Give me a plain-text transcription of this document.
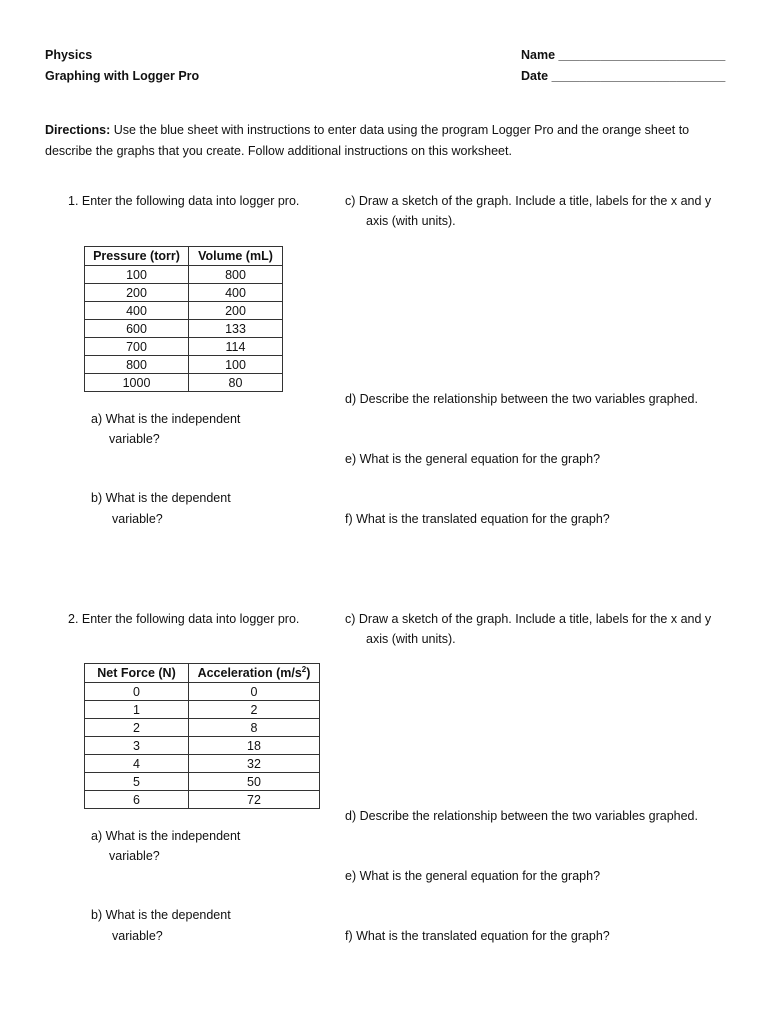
Physics
Graphing with Logger Pro
Name ________________________
Date _________________________
Directions: Use the blue sheet with instructions to enter data using the program Logger Pro and the orange sheet to describe the graphs that you create. Follow additional instructions on this worksheet.
1. Enter the following data into logger pro.
Pressure (torr)	Volume (mL)
100	800
200	400
400	200
600	133
700	114
800	100
1000	80
a) What is the independent
variable?
b) What is the dependent
variable?
c) Draw a sketch of the graph. Include a title, labels for the x and y
axis (with units).
d) Describe the relationship between the two variables graphed.
e) What is the general equation for the graph?
f) What is the translated equation for the graph?
2. Enter the following data into logger pro.
Net Force (N)	Acceleration $(m/s^2)$
0	0
1	2
2	8
3	18
4	32
5	50
6	72
a) What is the independent
variable?
b) What is the dependent
variable?
c) Draw a sketch of the graph. Include a title, labels for the x and y
axis (with units).
d) Describe the relationship between the two variables graphed.
e) What is the general equation for the graph?
f) What is the translated equation for the graph?
